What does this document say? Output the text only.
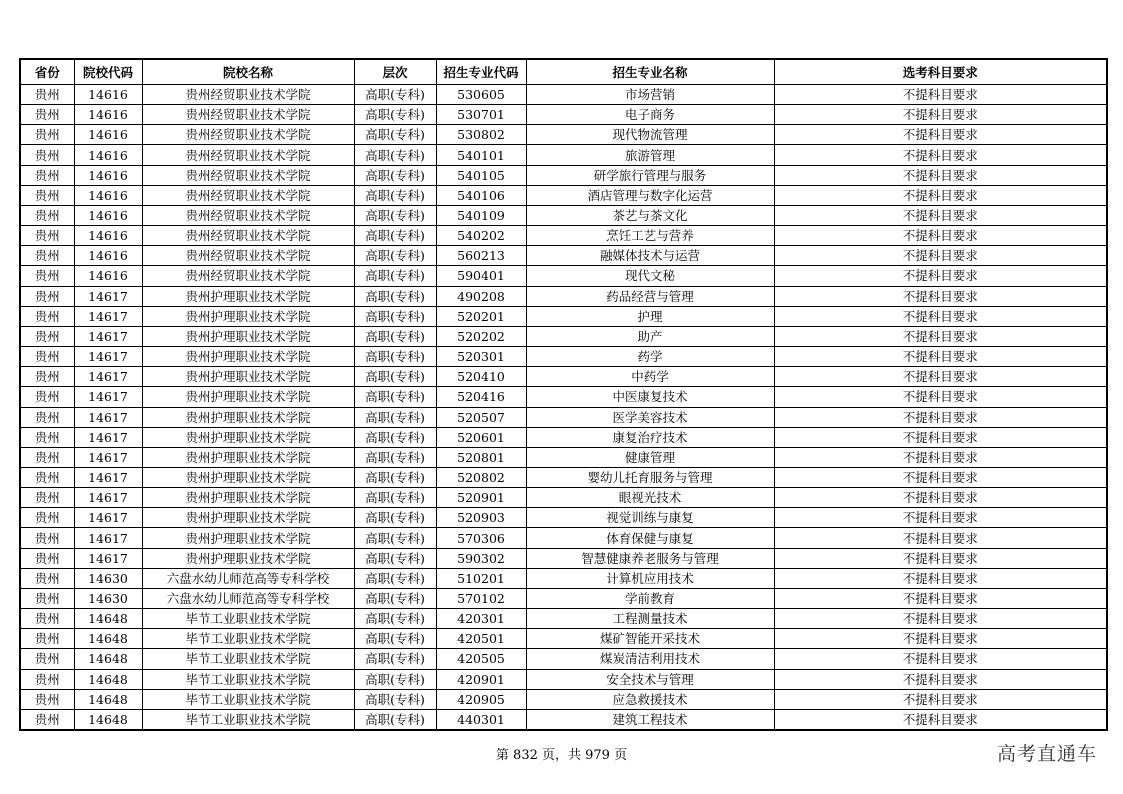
省份	院校代码	院校名称	层次	招生专业代码	招生专业名称	选考科目要求
贵州	14616	贵州经贸职业技术学院	高职(专科)	530605	市场营销	不提科目要求
贵州	14616	贵州经贸职业技术学院	高职(专科)	530701	电子商务	不提科目要求
贵州	14616	贵州经贸职业技术学院	高职(专科)	530802	现代物流管理	不提科目要求
贵州	14616	贵州经贸职业技术学院	高职(专科)	540101	旅游管理	不提科目要求
贵州	14616	贵州经贸职业技术学院	高职(专科)	540105	研学旅行管理与服务	不提科目要求
贵州	14616	贵州经贸职业技术学院	高职(专科)	540106	酒店管理与数字化运营	不提科目要求
贵州	14616	贵州经贸职业技术学院	高职(专科)	540109	茶艺与茶文化	不提科目要求
贵州	14616	贵州经贸职业技术学院	高职(专科)	540202	烹饪工艺与营养	不提科目要求
贵州	14616	贵州经贸职业技术学院	高职(专科)	560213	融媒体技术与运营	不提科目要求
贵州	14616	贵州经贸职业技术学院	高职(专科)	590401	现代文秘	不提科目要求
贵州	14617	贵州护理职业技术学院	高职(专科)	490208	药品经营与管理	不提科目要求
贵州	14617	贵州护理职业技术学院	高职(专科)	520201	护理	不提科目要求
贵州	14617	贵州护理职业技术学院	高职(专科)	520202	助产	不提科目要求
贵州	14617	贵州护理职业技术学院	高职(专科)	520301	药学	不提科目要求
贵州	14617	贵州护理职业技术学院	高职(专科)	520410	中药学	不提科目要求
贵州	14617	贵州护理职业技术学院	高职(专科)	520416	中医康复技术	不提科目要求
贵州	14617	贵州护理职业技术学院	高职(专科)	520507	医学美容技术	不提科目要求
贵州	14617	贵州护理职业技术学院	高职(专科)	520601	康复治疗技术	不提科目要求
贵州	14617	贵州护理职业技术学院	高职(专科)	520801	健康管理	不提科目要求
贵州	14617	贵州护理职业技术学院	高职(专科)	520802	婴幼儿托育服务与管理	不提科目要求
贵州	14617	贵州护理职业技术学院	高职(专科)	520901	眼视光技术	不提科目要求
贵州	14617	贵州护理职业技术学院	高职(专科)	520903	视觉训练与康复	不提科目要求
贵州	14617	贵州护理职业技术学院	高职(专科)	570306	体育保健与康复	不提科目要求
贵州	14617	贵州护理职业技术学院	高职(专科)	590302	智慧健康养老服务与管理	不提科目要求
贵州	14630	六盘水幼儿师范高等专科学校	高职(专科)	510201	计算机应用技术	不提科目要求
贵州	14630	六盘水幼儿师范高等专科学校	高职(专科)	570102	学前教育	不提科目要求
贵州	14648	毕节工业职业技术学院	高职(专科)	420301	工程测量技术	不提科目要求
贵州	14648	毕节工业职业技术学院	高职(专科)	420501	煤矿智能开采技术	不提科目要求
贵州	14648	毕节工业职业技术学院	高职(专科)	420505	煤炭清洁利用技术	不提科目要求
贵州	14648	毕节工业职业技术学院	高职(专科)	420901	安全技术与管理	不提科目要求
贵州	14648	毕节工业职业技术学院	高职(专科)	420905	应急救援技术	不提科目要求
贵州	14648	毕节工业职业技术学院	高职(专科)	440301	建筑工程技术	不提科目要求
第 832 页，共 979 页	高考直通车
